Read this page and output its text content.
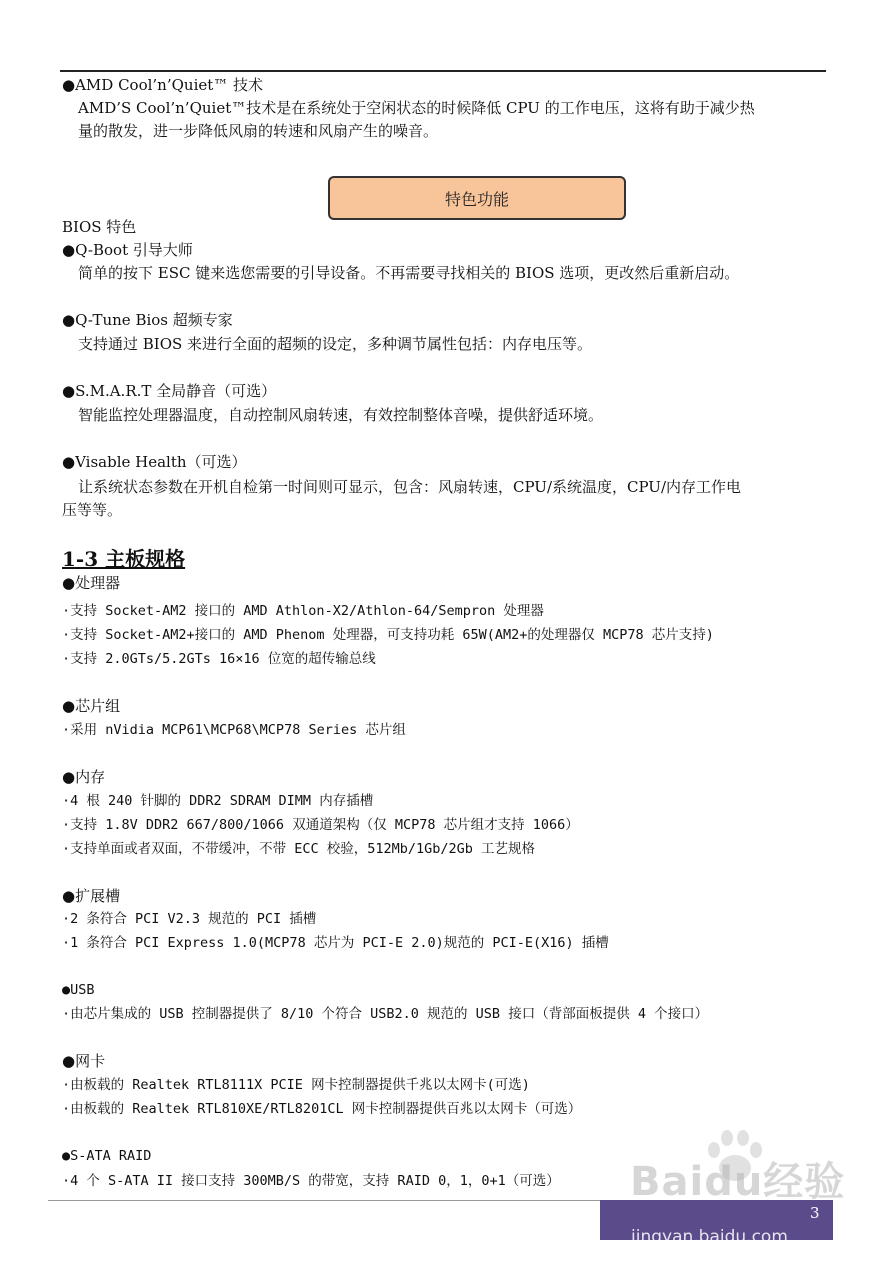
●AMD Cool’n’Quiet™ 技术
AMD’S Cool’n’Quiet™技术是在系统处于空闲状态的时候降低 CPU 的工作电压，这将有助于减少热
量的散发，进一步降低风扇的转速和风扇产生的噪音。
特色功能
BIOS 特色
●Q-Boot 引导大师
简单的按下 ESC 键来选您需要的引导设备。不再需要寻找相关的 BIOS 选项，更改然后重新启动。
●Q-Tune Bios 超频专家
支持通过 BIOS 来进行全面的超频的设定，多种调节属性包括：内存电压等。
●S.M.A.R.T 全局静音（可选）
智能监控处理器温度，自动控制风扇转速，有效控制整体音噪，提供舒适环境。
●Visable Health（可选）
让系统状态参数在开机自检第一时间则可显示，包含：风扇转速，CPU/系统温度，CPU/内存工作电
压等等。
1-3 主板规格
●处理器
·支持 Socket-AM2 接口的 AMD Athlon-X2/Athlon-64/Sempron 处理器
·支持 Socket-AM2+接口的 AMD Phenom 处理器，可支持功耗 65W(AM2+的处理器仅 MCP78 芯片支持)
·支持 2.0GTs/5.2GTs 16×16 位宽的超传输总线
●芯片组
·采用 nVidia MCP61\MCP68\MCP78 Series 芯片组
●内存
·4 根 240 针脚的 DDR2 SDRAM DIMM 内存插槽
·支持 1.8V DDR2 667/800/1066 双通道架构（仅 MCP78 芯片组才支持 1066）
·支持单面或者双面，不带缓冲，不带 ECC 校验，512Mb/1Gb/2Gb 工艺规格
●扩展槽
·2 条符合 PCI V2.3 规范的 PCI 插槽
·1 条符合 PCI Express 1.0(MCP78 芯片为 PCI-E 2.0)规范的 PCI-E(X16) 插槽
●USB
·由芯片集成的 USB 控制器提供了 8/10 个符合 USB2.0 规范的 USB 接口（背部面板提供 4 个接口）
●网卡
·由板载的 Realtek RTL8111X PCIE 网卡控制器提供千兆以太网卡(可选)
·由板载的 Realtek RTL810XE/RTL8201CL 网卡控制器提供百兆以太网卡（可选）
●S-ATA RAID
·4 个 S-ATA II 接口支持 300MB/S 的带宽，支持 RAID 0，1，0+1（可选） Baidu经验
jingyan.baidu.com
3
